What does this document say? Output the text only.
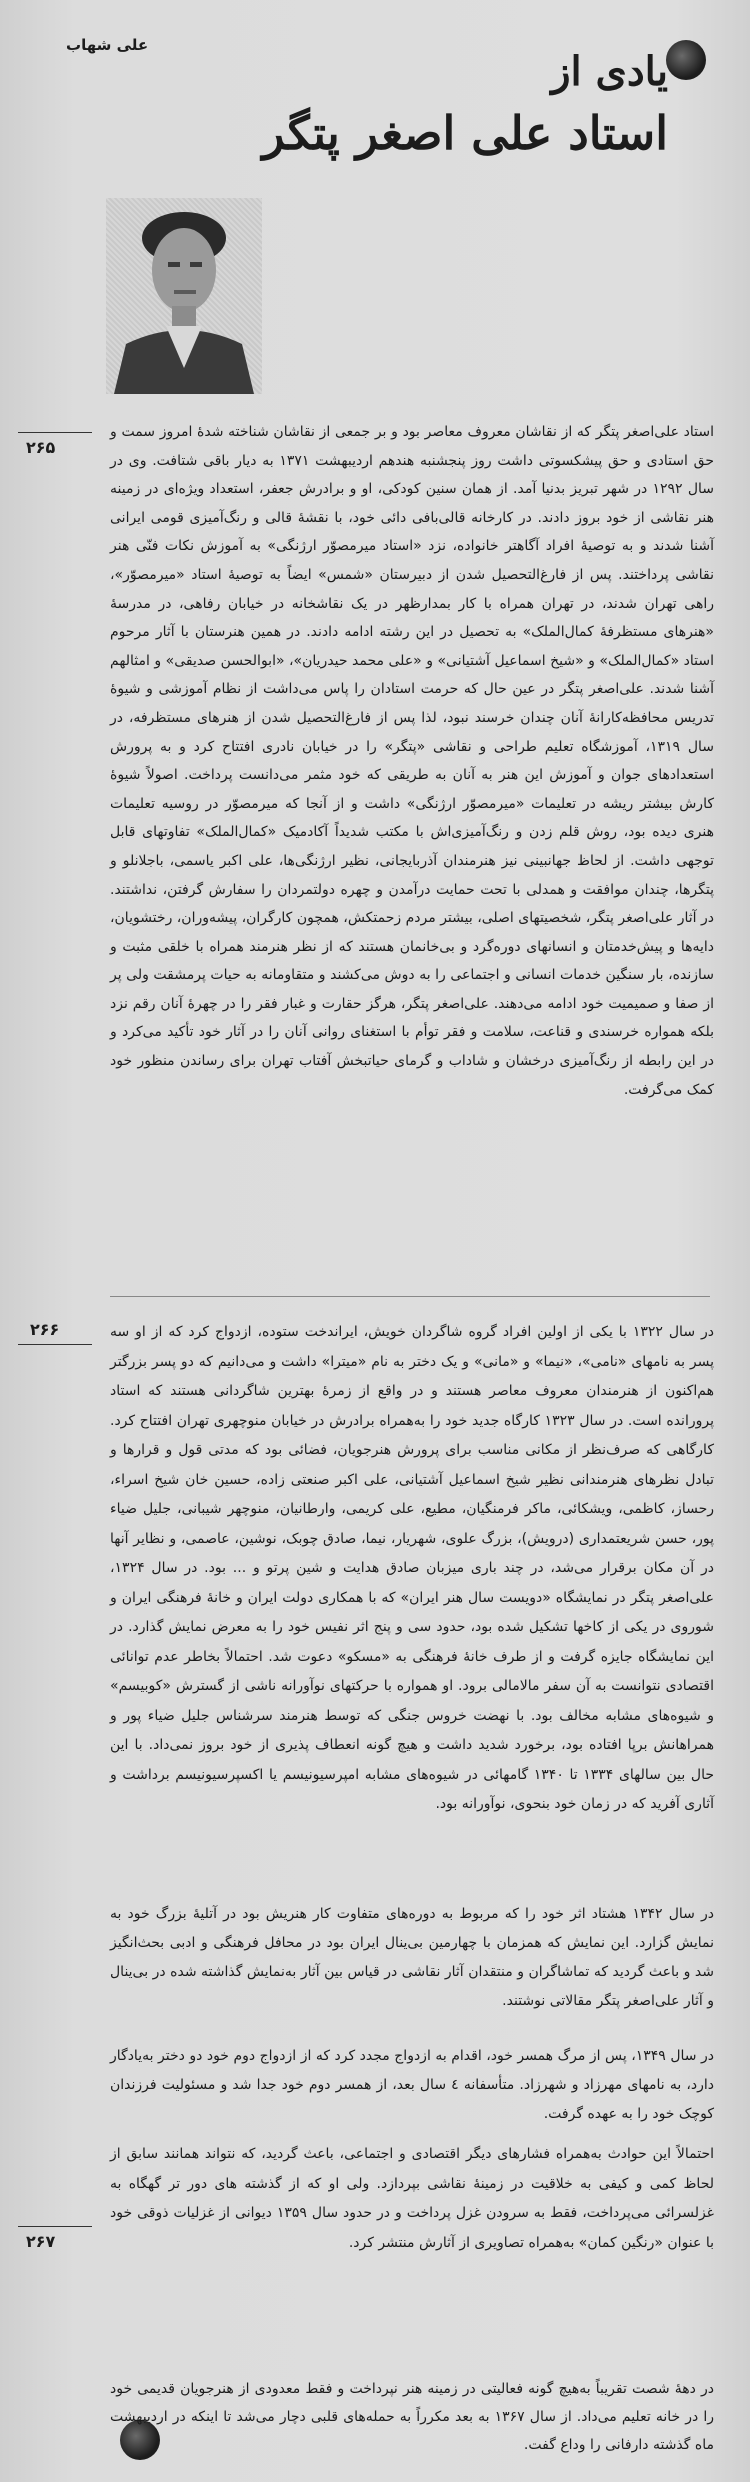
علی شهاب
یادی از
استاد علی اصغر پتگر
۲۶۵
۲۶۶
۲۶۷

استاد علی‌اصغر پتگر که از نقاشان معروف معاصر بود و بر جمعی از نقاشان شناخته شدهٔ امروز سمت و حق استادی و حق پیشکسوتی داشت روز پنجشنبه هندهم اردیبهشت ۱۳۷۱ به دیار باقی شتافت. وی در سال ۱۲۹۲ در شهر تبریز بدنیا آمد. از همان سنین کودکی، او و برادرش جعفر، استعداد ویژه‌ای در زمینه هنر نقاشی از خود بروز دادند. در کارخانه قالی‌بافی دائی خود، با نقشهٔ قالی و رنگ‌آمیزی قومی ایرانی آشنا شدند و به توصیهٔ افراد آگاهتر خانواده، نزد «استاد میرمصوّر ارژنگی» به آموزش نکات فنّی هنر نقاشی پرداختند. پس از فارغ‌التحصیل شدن از دبیرستان «شمس» ایضاً به توصیهٔ استاد «میرمصوّر»، راهی تهران شدند، در تهران همراه با کار بمدارظهر در یک نقاشخانه در خیابان رفاهی، در مدرسهٔ «هنرهای مستظرفهٔ کمال‌الملک» به تحصیل در این رشته ادامه دادند. در همین هنرستان با آثار مرحوم استاد «کمال‌الملک» و «شیخ اسماعیل آشتیانی» و «علی محمد حیدریان»، «ابوالحسن صدیقی» و امثالهم آشنا شدند. علی‌اصغر پتگر در عین حال که حرمت استادان را پاس می‌داشت از نظام آموزشی و شیوهٔ تدریس محافظه‌کارانهٔ آنان چندان خرسند نبود، لذا پس از فارغ‌التحصیل شدن از هنرهای مستظرفه، در سال ۱۳۱۹، آموزشگاه تعلیم طراحی و نقاشی «پتگر» را در خیابان نادری افتتاح کرد و به پرورش استعدادهای جوان و آموزش این هنر به آنان به طریقی که خود مثمر می‌دانست پرداخت. اصولاً شیوهٔ کارش بیشتر ریشه در تعلیمات «میرمصوّر ارژنگی» داشت و از آنجا که میرمصوّر در روسیه تعلیمات هنری دیده بود، روش قلم زدن و رنگ‌آمیزی‌اش با مکتب شدیداً آکادمیک «کمال‌الملک» تفاوتهای قابل توجهی داشت. از لحاظ جهانبینی نیز هنرمندان آذربایجانی، نظیر ارژنگی‌ها، علی اکبر یاسمی، باجلانلو و پتگرها، چندان موافقت و همدلی با تحت حمایت درآمدن و چهره دولتمردان را سفارش گرفتن، نداشتند. در آثار علی‌اصغر پتگر، شخصیتهای اصلی، بیشتر مردم زحمتکش، همچون کارگران، پیشه‌وران، رختشویان، دایه‌ها و پیش‌خدمتان و انسانهای دوره‌گرد و بی‌خانمان هستند که از نظر هنرمند همراه با خلقی مثبت و سازنده، بار سنگین خدمات انسانی و اجتماعی را به دوش می‌کشند و متقاومانه به حیات پرمشقت ولی پر از صفا و صمیمیت خود ادامه می‌دهند. علی‌اصغر پتگر، هرگز حقارت و غبار فقر را در چهرهٔ آنان رقم نزد بلکه همواره خرسندی و قناعت، سلامت و فقر توأم با استغنای روانی آنان را در آثار خود تأکید می‌کرد و در این رابطه از رنگ‌آمیزی درخشان و شاداب و گرمای حیاتبخش آفتاب تهران برای رساندن منظور خود کمک می‌گرفت.

در سال ۱۳۲۲ با یکی از اولین افراد گروه شاگردان خویش، ایراندخت ستوده، ازدواج کرد که از او سه پسر به نامهای «نامی»، «نیما» و «مانی» و یک دختر به نام «میترا» داشت و می‌دانیم که دو پسر بزرگتر هم‌اکنون از هنرمندان معروف معاصر هستند و در واقع از زمرهٔ بهترین شاگردانی هستند که استاد پرورانده است. در سال ۱۳۲۳ کارگاه جدید خود را به‌همراه برادرش در خیابان منوچهری تهران افتتاح کرد. کارگاهی که صرف‌نظر از مکانی مناسب برای پرورش هنرجویان، فضائی بود که مدتی قول و قرارها و تبادل نظرهای هنرمندانی نظیر شیخ اسماعیل آشتیانی، علی اکبر صنعتی زاده، حسین خان شیخ اسراء، رحساز، کاظمی، ویشکائی، ماکر فرمنگیان، مطیع، علی کریمی، وارطانیان، منوچهر شیبانی، جلیل ضیاء پور، حسن شریعتمداری (درویش)، بزرگ علوی، شهریار، نیما، صادق چوبک، نوشین، عاصمی، و نظایر آنها در آن مکان برقرار می‌شد، در چند باری میزبان صادق هدایت و شین پرتو و ... بود. در سال ۱۳۲۴، علی‌اصغر پتگر در نمایشگاه «دویست سال هنر ایران» که با همکاری دولت ایران و خانهٔ فرهنگی ایران و شوروی در یکی از کاخها تشکیل شده بود، حدود سی و پنج اثر نفیس خود را به معرض نمایش گذارد. در این نمایشگاه جایزه گرفت و از طرف خانهٔ فرهنگی به «مسکو» دعوت شد. احتمالاً بخاطر عدم توانائی اقتصادی نتوانست به آن سفر مالامالی برود. او همواره با حرکتهای نوآورانه ناشی از گسترش «کوبیسم» و شیوه‌های مشابه مخالف بود. با نهضت خروس جنگی که توسط هنرمند سرشناس جلیل ضیاء پور و همراهانش برپا افتاده بود، برخورد شدید داشت و هیچ گونه انعطاف پذیری از خود بروز نمی‌داد. با این حال بین سالهای ۱۳۳۴ تا ۱۳۴۰ گامهائی در شیوه‌های مشابه امپرسیونیسم یا اکسپرسیونیسم برداشت و آثاری آفرید که در زمان خود بنحوی، نوآورانه بود.

در سال ۱۳۴۲ هشتاد اثر خود را که مربوط به دوره‌های متفاوت کار هنریش بود در آتلیهٔ بزرگ خود به نمایش گزارد. این نمایش که همزمان با چهارمین بی‌ینال ایران بود در محافل فرهنگی و ادبی بحث‌انگیز شد و باعث گردید که تماشاگران و منتقدان آثار نقاشی در قیاس بین آثار به‌نمایش گذاشته شده در بی‌ینال و آثار علی‌اصغر پتگر مقالاتی نوشتند.

در سال ۱۳۴۹، پس از مرگ همسر خود، اقدام به ازدواج مجدد کرد که از ازدواج دوم خود دو دختر به‌یادگار دارد، به نامهای مهرزاد و شهرزاد. متأسفانه ٤ سال بعد، از همسر دوم خود جدا شد و مسئولیت فرزندان کوچک خود را به عهده گرفت.

احتمالاً این حوادث به‌همراه فشارهای دیگر اقتصادی و اجتماعی، باعث گردید، که نتواند همانند سابق از لحاظ کمی و کیفی به خلاقیت در زمینهٔ نقاشی بپردازد. ولی او که از گذشته های دور تر گهگاه به غزلسرائی می‌پرداخت، فقط به سرودن غزل پرداخت و در حدود سال ۱۳۵۹ دیوانی از غزلیات ذوقی خود با عنوان «رنگین کمان» به‌همراه تصاویری از آثارش منتشر کرد.

در دههٔ شصت تقریباً به‌هیچ گونه فعالیتی در زمینه هنر نپرداخت و فقط معدودی از هنرجویان قدیمی خود را در خانه تعلیم می‌داد. از سال ۱۳۶۷ به بعد مکرراً به حمله‌های قلبی دچار می‌شد تا اینکه در اردیبهشت ماه گذشته دارفانی را وداع گفت.
